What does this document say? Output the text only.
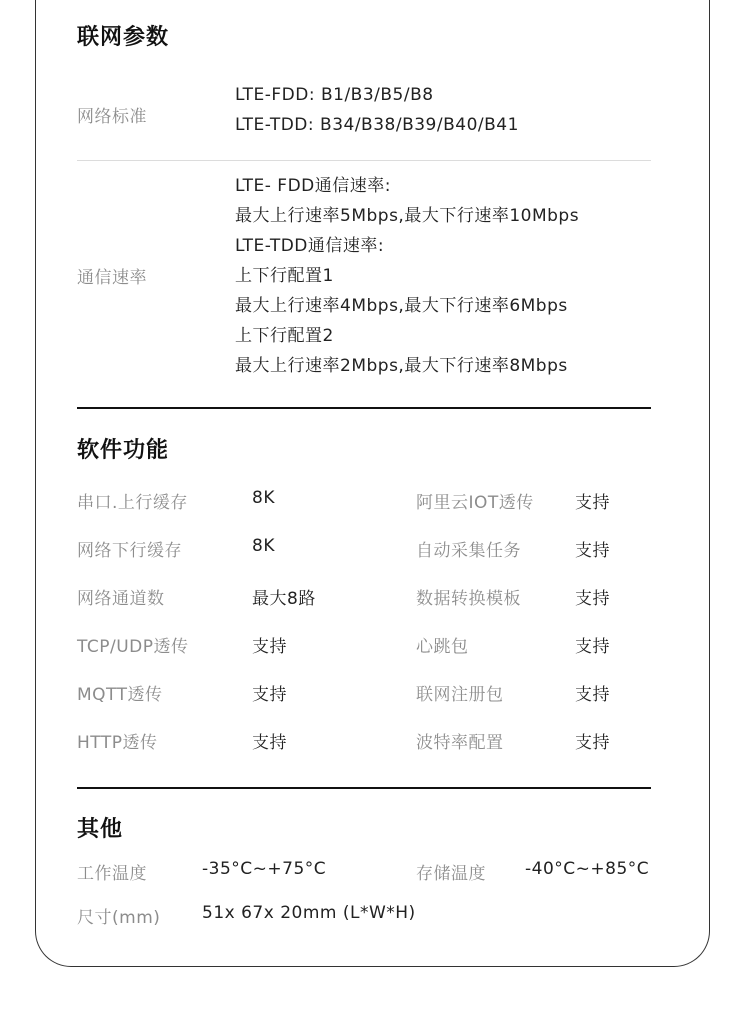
联网参数
网络标准
LTE-FDD: B1/B3/B5/B8
LTE-TDD: B34/B38/B39/B40/B41
通信速率
LTE- FDD通信速率:
最大上行速率5Mbps,最大下行速率10Mbps
LTE-TDD通信速率:
上下行配置1
最大上行速率4Mbps,最大下行速率6Mbps
上下行配置2
最大上行速率2Mbps,最大下行速率8Mbps
软件功能
串口.上行缓存	8K	阿里云IOT透传 支持
网络下行缓存	8K	自动采集任务	支持
网络通道数	最大8路	数据转换模板	支持
TCP/UDP透传	支持	心跳包	支持
MQTT透传	支持	联网注册包	支持
HTTP透传	支持	波特率配置	支持
其他
工作温度	-35°C~+75°C	存储温度 -40°C~+85°C
尺寸(mm) 51x 67x 20mm (L*W*H)
